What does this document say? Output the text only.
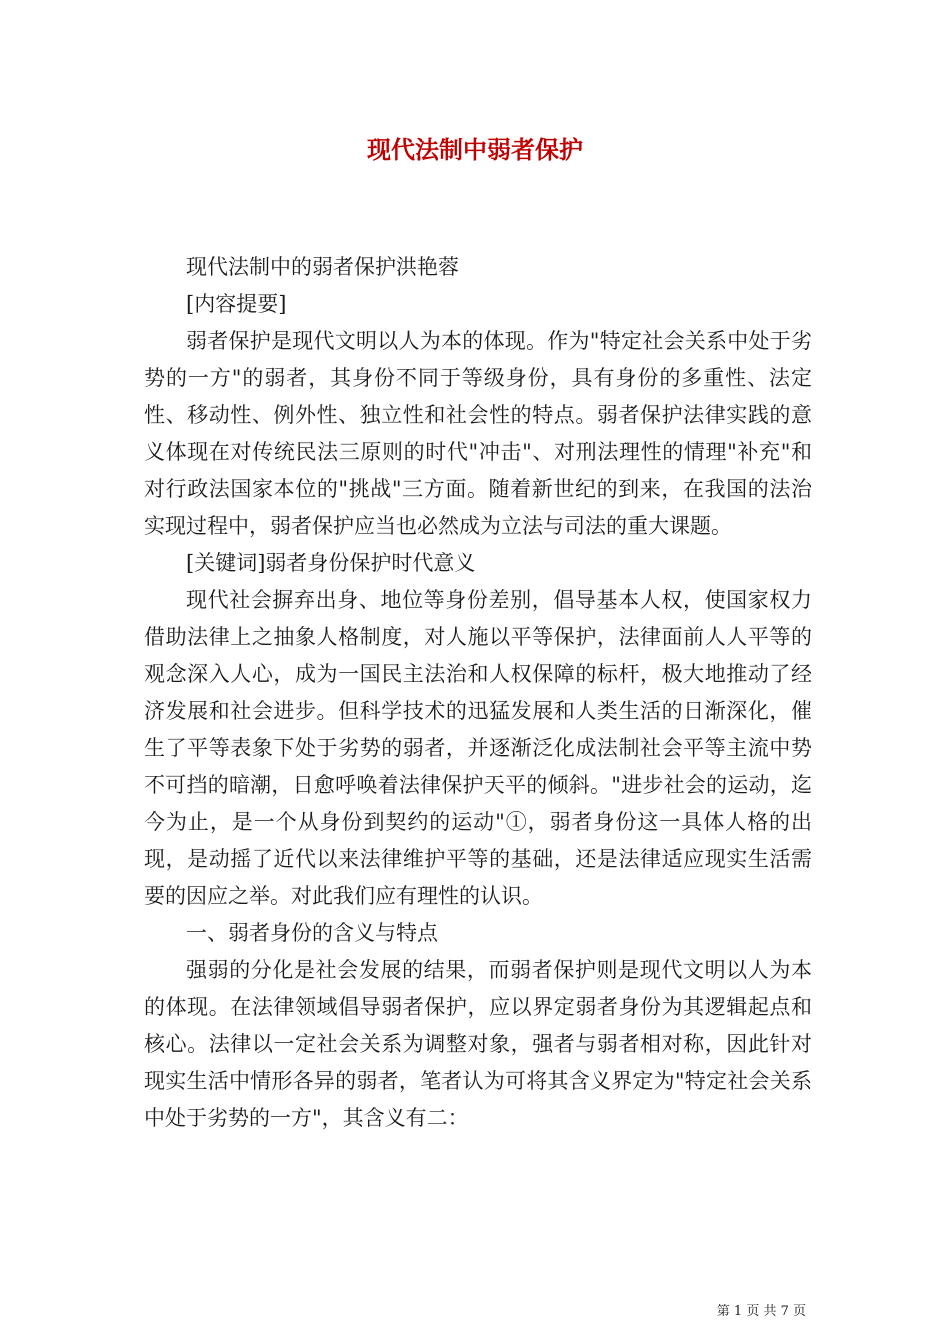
现代法制中弱者保护

现代法制中的弱者保护洪艳蓉

[内容提要]

弱者保护是现代文明以人为本的体现。作为"特定社会关系中处于劣势的一方"的弱者，其身份不同于等级身份，具有身份的多重性、法定性、移动性、例外性、独立性和社会性的特点。弱者保护法律实践的意义体现在对传统民法三原则的时代"冲击"、对刑法理性的情理"补充"和对行政法国家本位的"挑战"三方面。随着新世纪的到来，在我国的法治实现过程中，弱者保护应当也必然成为立法与司法的重大课题。

[关键词]弱者身份保护时代意义

现代社会摒弃出身、地位等身份差别，倡导基本人权，使国家权力借助法律上之抽象人格制度，对人施以平等保护，法律面前人人平等的观念深入人心，成为一国民主法治和人权保障的标杆，极大地推动了经济发展和社会进步。但科学技术的迅猛发展和人类生活的日渐深化，催生了平等表象下处于劣势的弱者，并逐渐泛化成法制社会平等主流中势不可挡的暗潮，日愈呼唤着法律保护天平的倾斜。"进步社会的运动，迄今为止，是一个从身份到契约的运动"①，弱者身份这一具体人格的出现，是动摇了近代以来法律维护平等的基础，还是法律适应现实生活需要的因应之举。对此我们应有理性的认识。

一、弱者身份的含义与特点

强弱的分化是社会发展的结果，而弱者保护则是现代文明以人为本的体现。在法律领域倡导弱者保护，应以界定弱者身份为其逻辑起点和核心。法律以一定社会关系为调整对象，强者与弱者相对称，因此针对现实生活中情形各异的弱者，笔者认为可将其含义界定为"特定社会关系中处于劣势的一方"，其含义有二：

第 1 页 共 7 页
